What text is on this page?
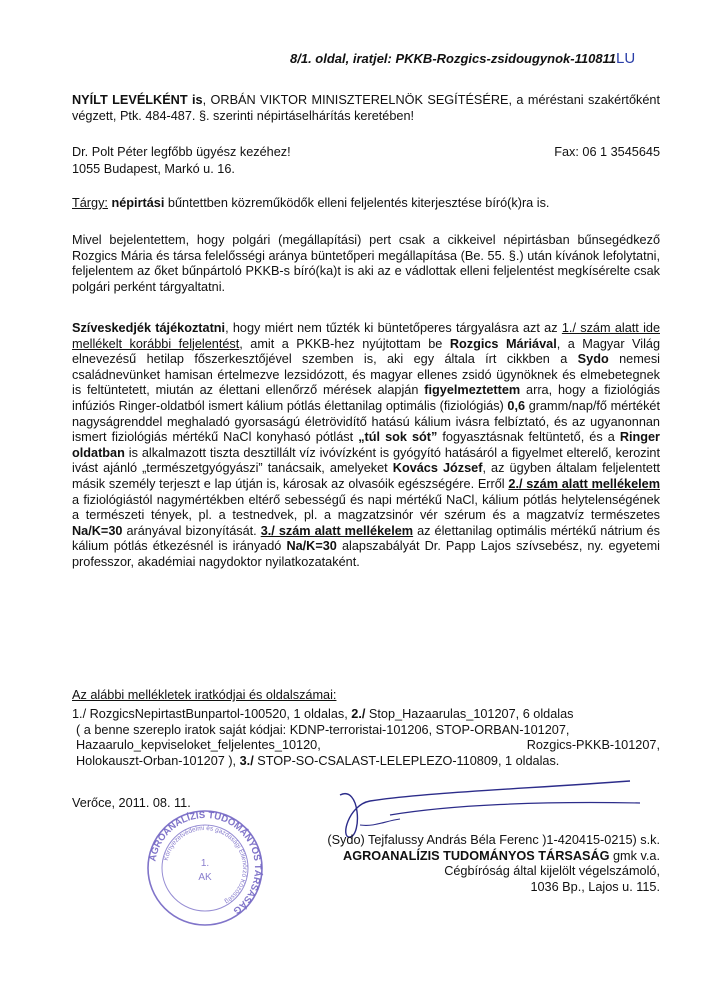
8/1. oldal, iratjel: PKKB-Rozgics-zsidougynok-110811LU
NYÍLT LEVÉLKÉNT is, ORBÁN VIKTOR MINISZTERELNÖK SEGÍTÉSÉRE, a méréstani szakértőként végzett, Ptk. 484-487. §. szerinti népirtáselhárítás keretében!
Dr. Polt Péter legfőbb ügyész kezéhez!	Fax: 06 1 3545645
1055 Budapest, Markó u. 16.
Tárgy: népirtási bűntettben közreműködők elleni feljelentés kiterjesztése bíró(k)ra is.
Mivel bejelentettem, hogy polgári (megállapítási) pert csak a cikkeivel népirtásban bűnsegédkező Rozgics Mária és társa felelősségi aránya büntetőperi megállapítása (Be. 55. §.) után kívánok lefolytatni, feljelentem az őket bűnpártoló PKKB-s bíró(ka)t is aki az e vádlottak elleni feljelentést megkísérelte csak polgári perként tárgyaltatni.
Szíveskedjék tájékoztatni, hogy miért nem tűzték ki büntetőperes tárgyalásra azt az 1./ szám alatt ide mellékelt korábbi feljelentést, amit a PKKB-hez nyújtottam be Rozgics Máriával, a Magyar Világ elnevezésű hetilap főszerkesztőjével szemben is, aki egy általa írt cikkben a Sydo nemesi családnevünket hamisan értelmezve lezsidózott, és magyar ellenes zsidó ügynöknek és elmebetegnek is feltüntetett, miután az élettani ellenőrző mérések alapján figyelmeztettem arra, hogy a fiziológiás infúziós Ringer-oldatból ismert kálium pótlás élettanilag optimális (fiziológiás) 0,6 gramm/nap/fő mértékét nagyságrenddel meghaladó gyorsaságú életrövidítő hatású kálium ivásra felbíztató, és az ugyanonnan ismert fiziológiás mértékű NaCl konyhasó pótlást „túl sok sót” fogyasztásnak feltüntető, és a Ringer oldatban is alkalmazott tiszta desztillált víz ivóvízként is gyógyító hatásáról a figyelmet elterelő, kerozint ivást ajánló „természetgyógyászi” tanácsaik, amelyeket Kovács József, az ügyben általam feljelentett másik személy terjeszt e lap útján is, károsak az olvasóik egészségére. Erről 2./ szám alatt mellékelem a fiziológiástól nagymértékben eltérő sebességű és napi mértékű NaCl, kálium pótlás helytelenségének a természeti tények, pl. a testnedvek, pl. a magzatzsinór vér szérum és a magzatvíz természetes Na/K=30 arányával bizonyítását. 3./ szám alatt mellékelem az élettanilag optimális mértékű nátrium és kálium pótlás étkezésnél is irányadó Na/K=30 alapszabályát Dr. Papp Lajos szívsebész, ny. egyetemi professzor, akadémiai nagydoktor nyilatkozataként.
Az alábbi mellékletek iratkódjai és oldalszámai:

1./ RozgicsNepirtastBunpartol-100520, 1 oldalas, 2./ Stop_Hazaarulas_101207, 6 oldalas

( a benne szereplo iratok saját kódjai: KDNP-terroristai-101206, STOP-ORBAN-101207,

Hazaarulo_kepviseloket_feljelentes_10120,	Rozgics-PKKB-101207,

Holokauszt-Orban-101207 ), 3./ STOP-SO-CSALAST-LELEPLEZO-110809, 1 oldalas.

Verőce, 2011. 08. 11.
AGROANALÍZIS TUDOMÁNYOS TÁRSASÁG
Környezetvédelmi és gazdasági Ellenőrző Közösség
1.
AK
(Sydo) Tejfalussy András Béla Ferenc )1-420415-0215) s.k.
AGROANALÍZIS TUDOMÁNYOS TÁRSASÁG gmk v.a.
Cégbíróság által kijelölt végelszámoló,
1036 Bp., Lajos u. 115.
